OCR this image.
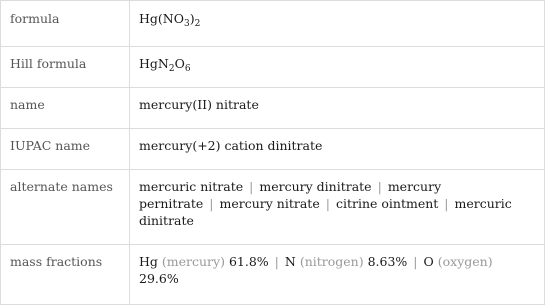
formula	$Hg(NO_3)_2$
Hill formula	$HgN_2O_6$
name	mercury(II) nitrate
IUPAC name	mercury(+2) cation dinitrate
alternate names	mercuric nitrate | mercury dinitrate | mercury pernitrate | mercury nitrate | citrine ointment | mercuric dinitrate
mass fractions	Hg (mercury) 61.8% | N (nitrogen) 8.63% | O (oxygen) 29.6%
